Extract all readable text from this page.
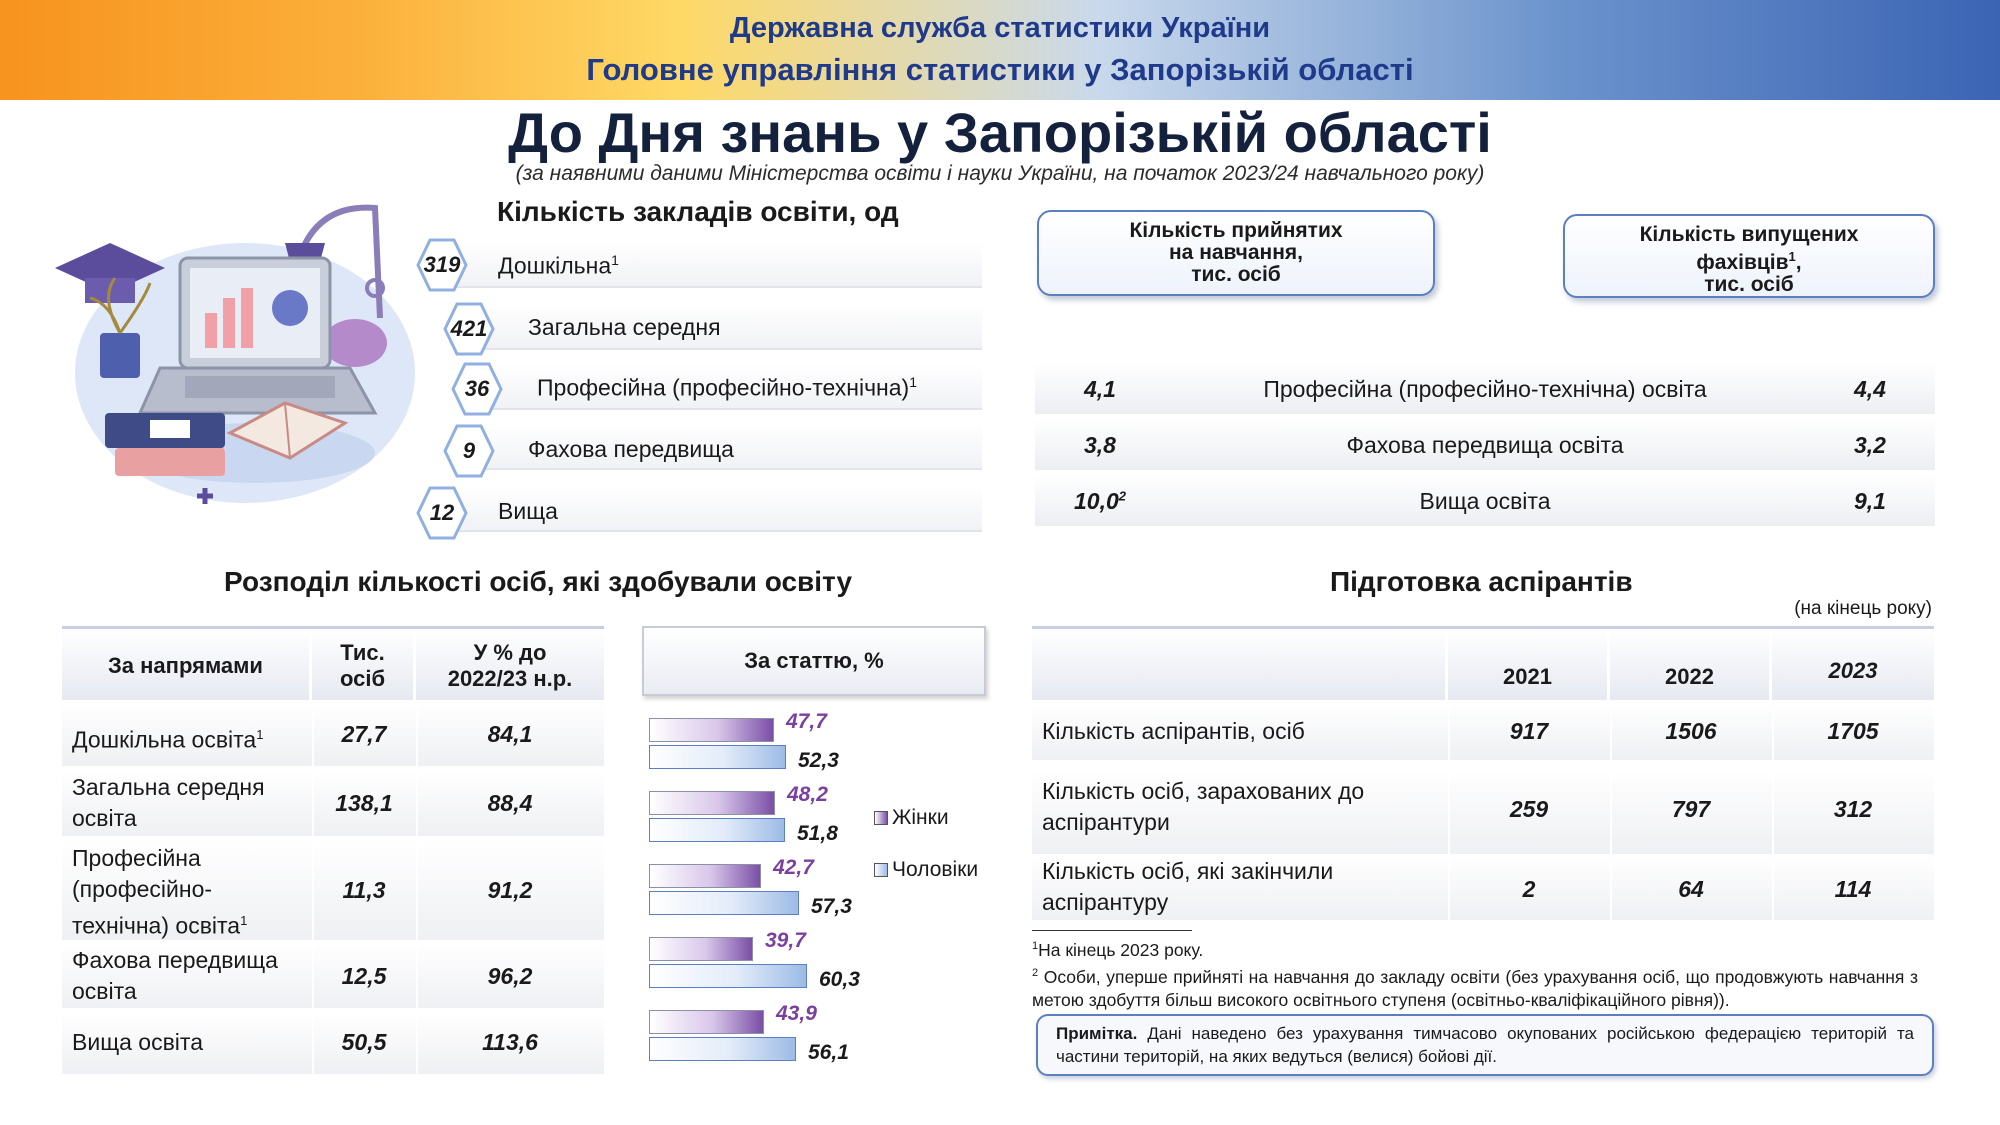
Державна служба статистики України
Головне управління статистики у Запорізькій області
До Дня знань у Запорізькій області
(за наявними даними Міністерства освіти і науки України, на початок 2023/24 навчального року)
Кількість закладів освіти, од
319	Дошкільна$^1$
421	Загальна середня
36	Професійна (професійно-технічна)$^1$
9	Фахова передвища
12	Вища
Кількість прийнятих
на навчання,
тис. осіб
Кількість випущених
фахівців$^1$,
тис. осіб
4,1	Професійна (професійно-технічна) освіта	4,4
3,8	Фахова передвища освіта	3,2
10,0$^2$	Вища освіта	9,1
Розподіл кількості осіб, які здобували освіту
За напрямами
Тис. осіб
У % до 2022/23 н.р.
Дошкільна освіта$^1$	27,7	84,1
Загальна середня освіта
138,1	88,4
Професійна (професійно-технічна) освіта$^1$
11,3	91,2
Фахова передвища освіта
12,5	96,2
Вища освіта	50,5	113,6
За статтю, %
47,7
52,3
48,2
51,8
42,7
57,3
39,7
60,3
43,9
56,1
Жінки
Чоловіки
Підготовка аспірантів
(на кінець року)
2021	2022	2023
Кількість аспірантів, осіб	917	1506	1705
Кількість осіб, зарахованих до аспірантури	259	797	312
Кількість осіб, які закінчили аспірантуру	2	64	114
$^1$На кінець 2023 року.
$^2$ Особи, уперше прийняті на навчання до закладу освіти (без урахування осіб, що продовжують навчання з метою здобуття більш високого освітнього ступеня (освітньо-кваліфікаційного рівня)).
Примітка. Дані наведено без урахування тимчасово окупованих російською федерацією територій та частини територій, на яких ведуться (велися) бойові дії.
